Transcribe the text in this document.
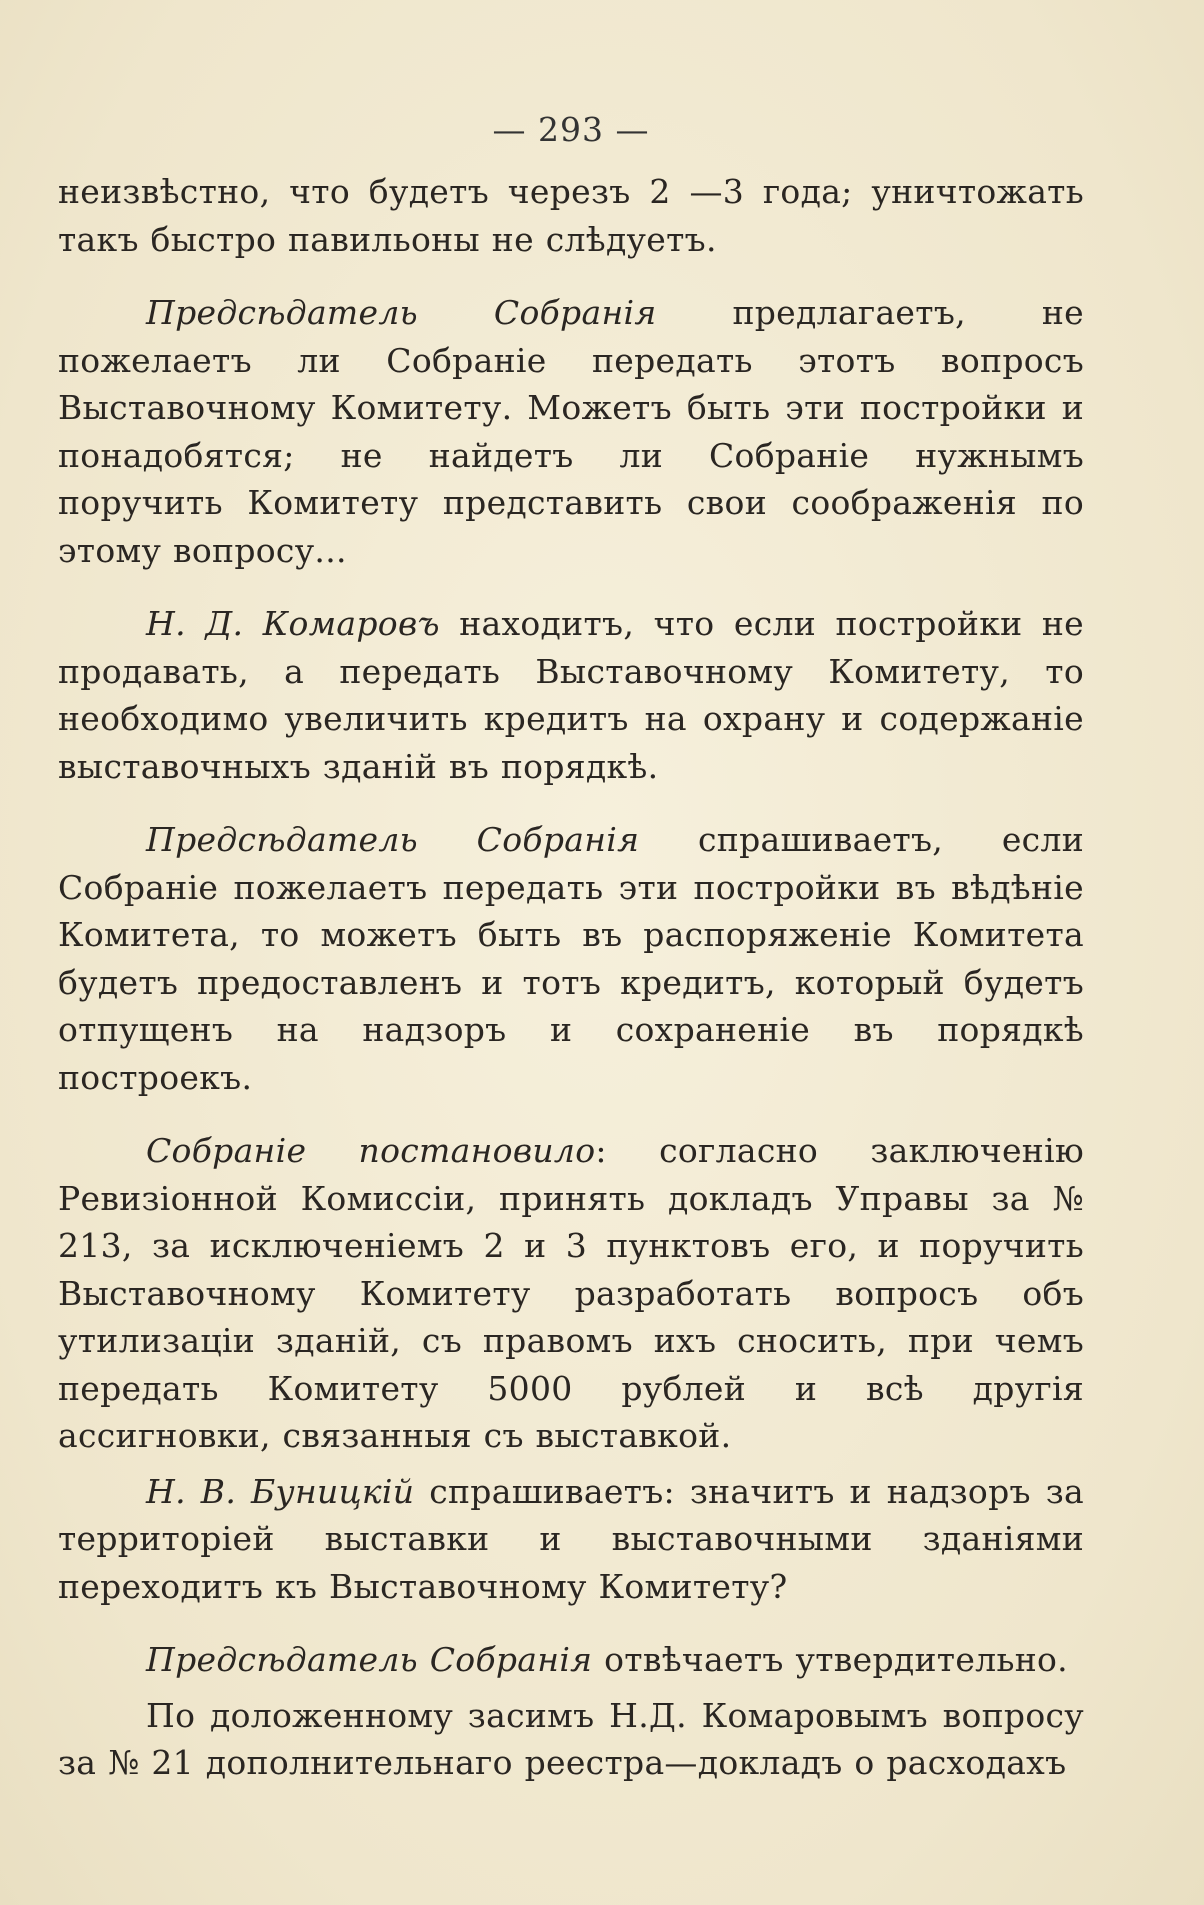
— 293 —

неизвѣстно, что будетъ черезъ 2 —3 года; уничтожать такъ быстро павильоны не слѣдуетъ.

Предсѣдатель Собранія предлагаетъ, не пожелаетъ ли Собраніе передать этотъ вопросъ Выставочному Комитету. Можетъ быть эти постройки и понадобятся; не найдетъ ли Собраніе нужнымъ поручить Комитету представить свои соображенія по этому вопросу...

Н. Д. Комаровъ находитъ, что если постройки не продавать, а передать Выставочному Комитету, то необходимо увеличить кредитъ на охрану и содержаніе выставочныхъ зданій въ порядкѣ.

Предсѣдатель Собранія спрашиваетъ, если Собраніе пожелаетъ передать эти постройки въ вѣдѣніе Комитета, то можетъ быть въ распоряженіе Комитета будетъ предоставленъ и тотъ кредитъ, который будетъ отпущенъ на надзоръ и сохраненіе въ порядкѣ построекъ.

Собраніе постановило: согласно заключенію Ревизіонной Комиссіи, принять докладъ Управы за № 213, за исключеніемъ 2 и 3 пунктовъ его, и поручить Выставочному Комитету разработать вопросъ объ утилизаціи зданій, съ правомъ ихъ сносить, при чемъ передать Комитету 5000 рублей и всѣ другія ассигновки, связанныя съ выставкой.

Н. В. Буницкій спрашиваетъ: значитъ и надзоръ за территоріей выставки и выставочными зданіями переходитъ къ Выставочному Комитету?

Предсѣдатель Собранія отвѣчаетъ утвердительно.

По доложенному засимъ Н.Д. Комаровымъ вопросу за № 21 дополнительнаго реестра—докладъ о расходахъ
